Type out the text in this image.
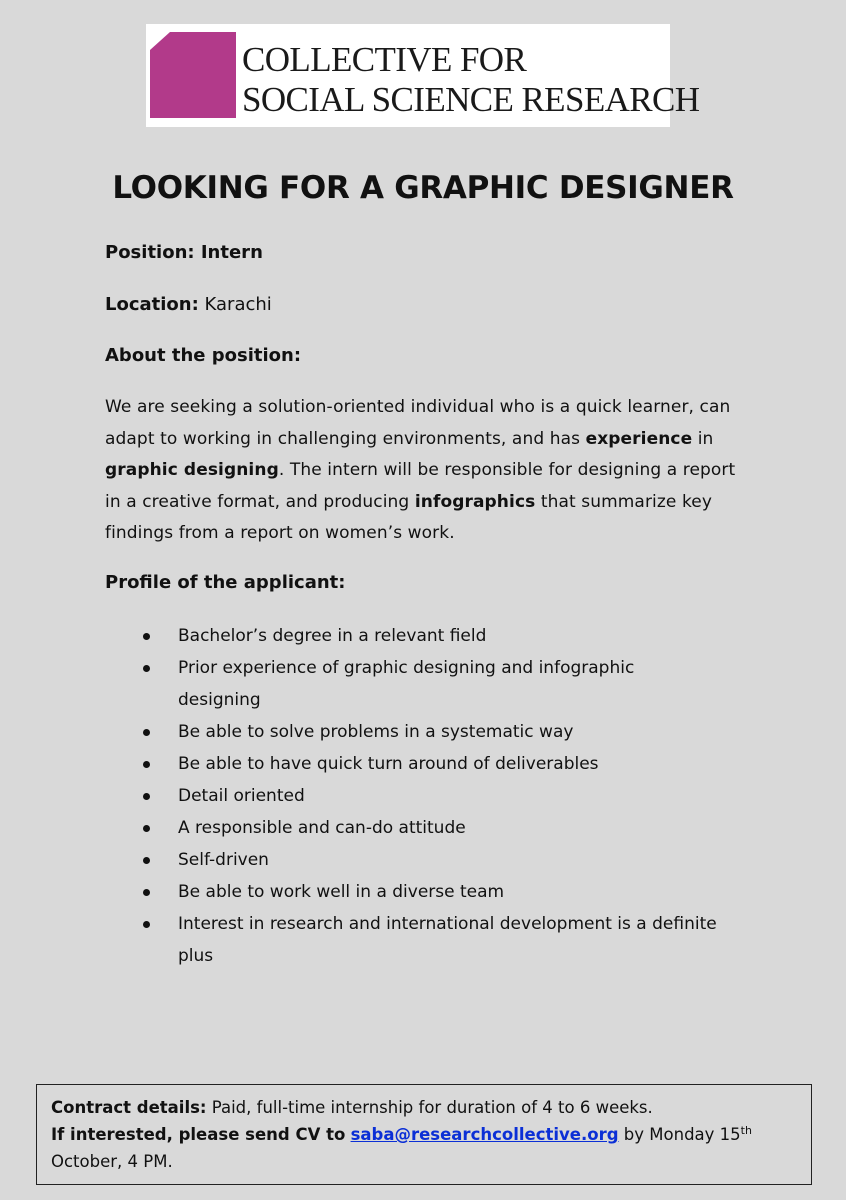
COLLECTIVE FOR
SOCIAL SCIENCE RESEARCH
LOOKING FOR A GRAPHIC DESIGNER
Position: Intern
Location: Karachi
About the position:
We are seeking a solution-oriented individual who is a quick learner, can adapt to working in challenging environments, and has experience in graphic designing. The intern will be responsible for designing a report in a creative format, and producing infographics that summarize key findings from a report on women’s work.
Profile of the applicant:
Bachelor’s degree in a relevant field
Prior experience of graphic designing and infographic designing
Be able to solve problems in a systematic way
Be able to have quick turn around of deliverables
Detail oriented
A responsible and can-do attitude
Self-driven
Be able to work well in a diverse team
Interest in research and international development is a definite plus
Contract details: Paid, full-time internship for duration of 4 to 6 weeks.
If interested, please send CV to saba@researchcollective.org by Monday 15th
October, 4 PM.
